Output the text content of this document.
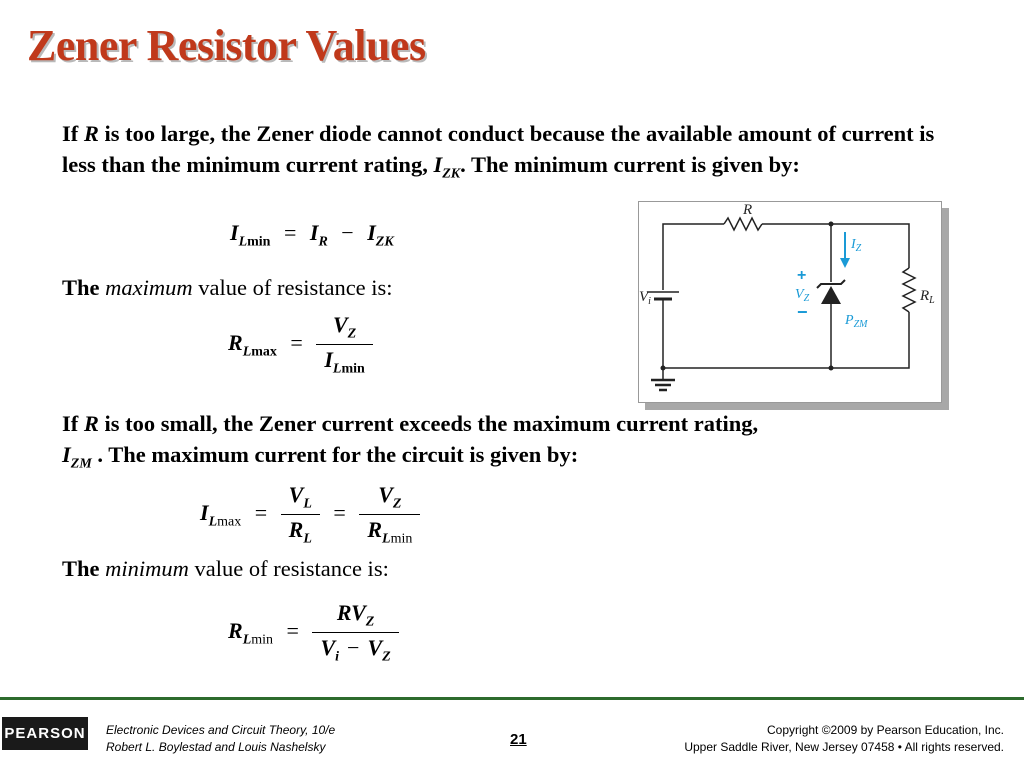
Zener Resistor Values
If R is too large, the Zener diode cannot conduct because the available amount of current is less than the minimum current rating, $I_{ZK}$. The minimum current is given by:
$I_{Lmin} = I_R - I_{ZK}$
The maximum value of resistance is:
$R_{Lmax} = \frac{V_Z}{I_{Lmin}}$
If R is too small, the Zener current exceeds the maximum current rating, $I_{ZM}$ . The maximum current for the circuit is given by:
$I_{Lmax} = \frac{V_L}{R_L} = \frac{V_Z}{R_{Lmin}}$
The minimum value of resistance is:
$R_{Lmin} = \frac{RV_Z}{V_i - V_Z}$
R
$V_i$
$I_Z$
+
$V_Z$
−
$R_L$
$P_{ZM}$
PEARSON Electronic Devices and Circuit Theory, 10/e
Robert L. Boylestad and Louis Nashelsky	21
Copyright ©2009 by Pearson Education, Inc.
Upper Saddle River, New Jersey 07458 • All rights reserved.
